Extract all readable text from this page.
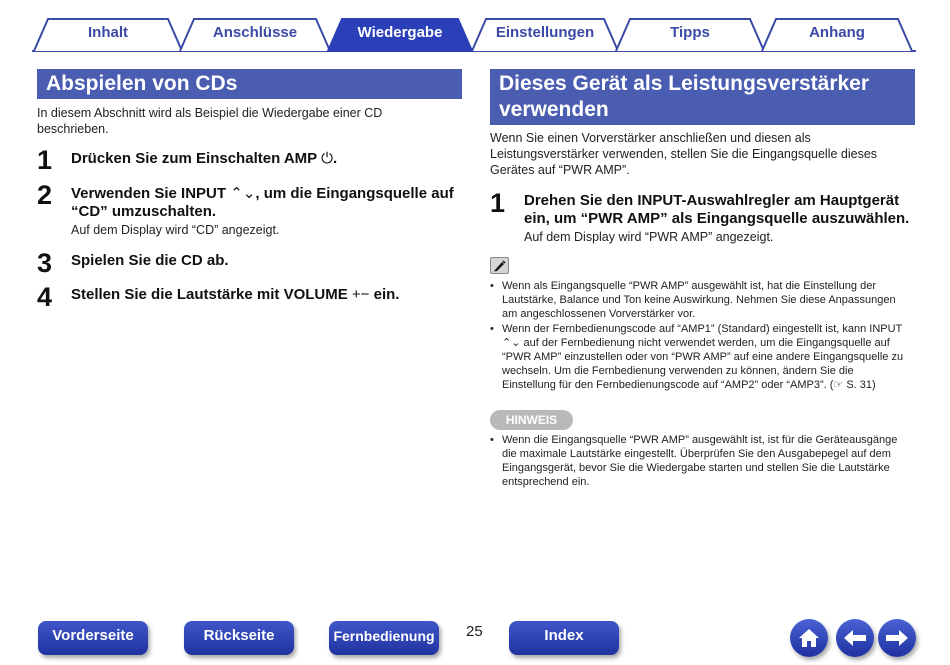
Inhalt	Anschlüsse	Wiedergabe	Einstellungen	Tipps	Anhang
Abspielen von CDs
In diesem Abschnitt wird als Beispiel die Wiedergabe einer CD
beschrieben.
1 Drücken Sie zum Einschalten AMP ⏻.
2 Verwenden Sie INPUT ⌃⌄, um die Eingangsquelle auf
“CD” umzuschalten.
Auf dem Display wird “CD” angezeigt.
3 Spielen Sie die CD ab.
4 Stellen Sie die Lautstärke mit VOLUME +− ein.
Dieses Gerät als Leistungsverstärker
verwenden
Wenn Sie einen Vorverstärker anschließen und diesen als
Leistungsverstärker verwenden, stellen Sie die Eingangsquelle dieses
Gerätes auf “PWR AMP”.
1 Drehen Sie den INPUT-Auswahlregler am Hauptgerät
ein, um “PWR AMP” als Eingangsquelle auszuwählen.
Auf dem Display wird “PWR AMP” angezeigt.
• Wenn als Eingangsquelle “PWR AMP” ausgewählt ist, hat die Einstellung der
Lautstärke, Balance und Ton keine Auswirkung. Nehmen Sie diese Anpassungen
am angeschlossenen Vorverstärker vor.
• Wenn der Fernbedienungscode auf “AMP1” (Standard) eingestellt ist, kann INPUT
⌃⌄ auf der Fernbedienung nicht verwendet werden, um die Eingangsquelle auf
“PWR AMP” einzustellen oder von “PWR AMP” auf eine andere Eingangsquelle zu
wechseln. Um die Fernbedienung verwenden zu können, ändern Sie die
Einstellung für den Fernbedienungscode auf “AMP2” oder “AMP3”. (☞ S. 31)
HINWEIS
• Wenn die Eingangsquelle “PWR AMP” ausgewählt ist, ist für die Geräteausgänge
die maximale Lautstärke eingestellt. Überprüfen Sie den Ausgabepegel auf dem
Eingangsgerät, bevor Sie die Wiedergabe starten und stellen Sie die Lautstärke
entsprechend ein.
Vorderseite	Rückseite	Fernbedienung 25	Index
